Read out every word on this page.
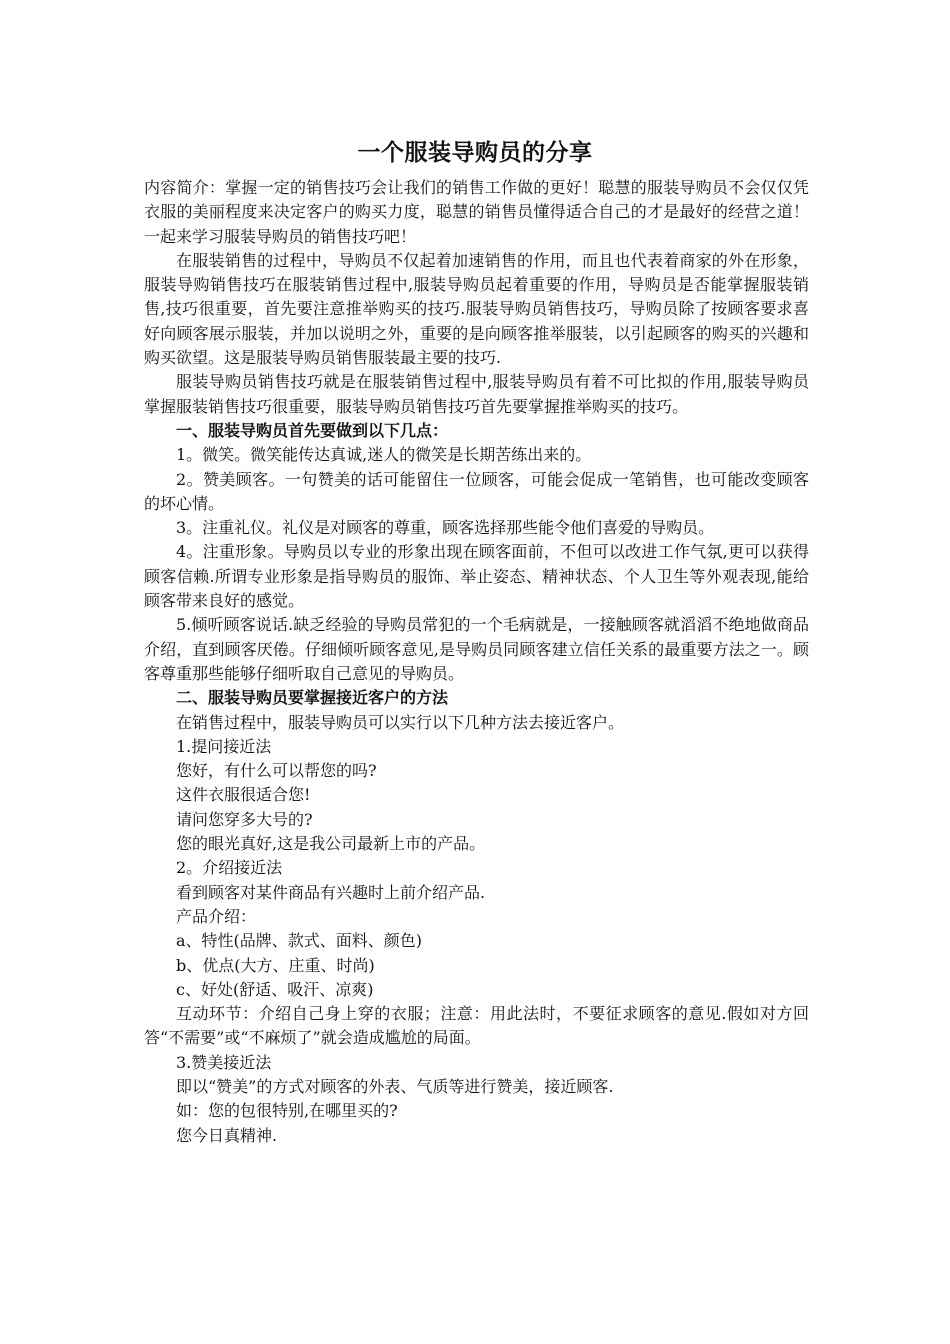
一个服装导购员的分享

内容简介：掌握一定的销售技巧会让我们的销售工作做的更好！聪慧的服装导购员不会仅仅凭衣服的美丽程度来决定客户的购买力度，聪慧的销售员懂得适合自己的才是最好的经营之道！一起来学习服装导购员的销售技巧吧！

在服装销售的过程中，导购员不仅起着加速销售的作用，而且也代表着商家的外在形象，服装导购销售技巧在服装销售过程中,服装导购员起着重要的作用，导购员是否能掌握服装销售,技巧很重要，首先要注意推举购买的技巧.服装导购员销售技巧，导购员除了按顾客要求喜好向顾客展示服装，并加以说明之外，重要的是向顾客推举服装，以引起顾客的购买的兴趣和购买欲望。这是服装导购员销售服装最主要的技巧.

服装导购员销售技巧就是在服装销售过程中,服装导购员有着不可比拟的作用,服装导购员掌握服装销售技巧很重要，服装导购员销售技巧首先要掌握推举购买的技巧。

一、服装导购员首先要做到以下几点：

1。微笑。微笑能传达真诚,迷人的微笑是长期苦练出来的。

2。赞美顾客。一句赞美的话可能留住一位顾客，可能会促成一笔销售，也可能改变顾客的坏心情。

3。注重礼仪。礼仪是对顾客的尊重，顾客选择那些能令他们喜爱的导购员。

4。注重形象。导购员以专业的形象出现在顾客面前，不但可以改进工作气氛,更可以获得顾客信赖.所谓专业形象是指导购员的服饰、举止姿态、精神状态、个人卫生等外观表现,能给顾客带来良好的感觉。

5.倾听顾客说话.缺乏经验的导购员常犯的一个毛病就是，一接触顾客就滔滔不绝地做商品介绍，直到顾客厌倦。仔细倾听顾客意见,是导购员同顾客建立信任关系的最重要方法之一。顾客尊重那些能够仔细听取自己意见的导购员。

二、服装导购员要掌握接近客户的方法

在销售过程中，服装导购员可以实行以下几种方法去接近客户。

1.提问接近法

您好，有什么可以帮您的吗?

这件衣服很适合您!

请问您穿多大号的?

您的眼光真好,这是我公司最新上市的产品。

2。介绍接近法

看到顾客对某件商品有兴趣时上前介绍产品.

产品介绍：

a、特性(品牌、款式、面料、颜色)

b、优点(大方、庄重、时尚)

c、好处(舒适、吸汗、凉爽)

互动环节：介绍自己身上穿的衣服；注意：用此法时，不要征求顾客的意见.假如对方回答“不需要”或“不麻烦了”就会造成尴尬的局面。

3.赞美接近法

即以“赞美”的方式对顾客的外表、气质等进行赞美，接近顾客.

如：您的包很特别,在哪里买的?

您今日真精神.
